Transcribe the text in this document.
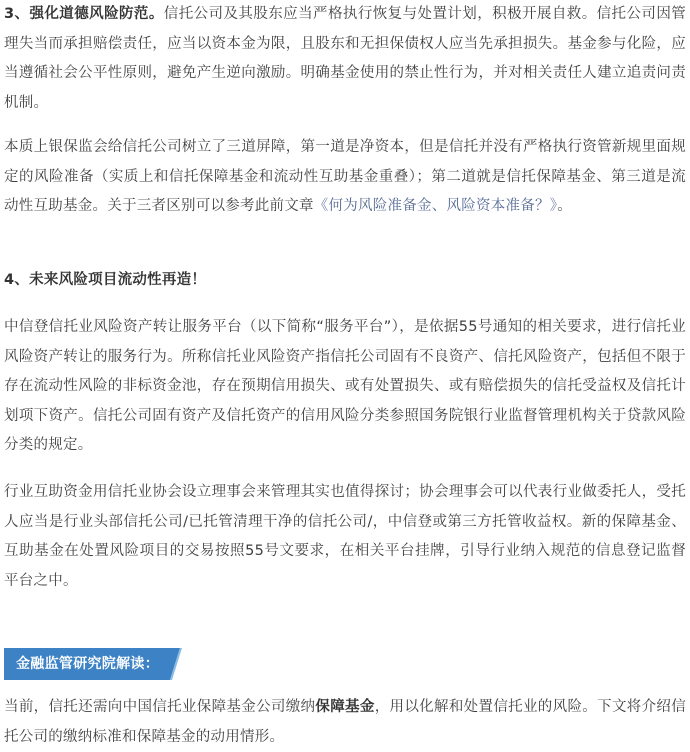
3、强化道德风险防范。信托公司及其股东应当严格执行恢复与处置计划，积极开展自救。信托公司因管理失当而承担赔偿责任，应当以资本金为限，且股东和无担保债权人应当先承担损失。基金参与化险，应当遵循社会公平性原则，避免产生逆向激励。明确基金使用的禁止性行为，并对相关责任人建立追责问责机制。

本质上银保监会给信托公司树立了三道屏障，第一道是净资本，但是信托并没有严格执行资管新规里面规定的风险准备（实质上和信托保障基金和流动性互助基金重叠）；第二道就是信托保障基金、第三道是流动性互助基金。关于三者区别可以参考此前文章《何为风险准备金、风险资本准备？》。

4、未来风险项目流动性再造！

中信登信托业风险资产转让服务平台（以下简称“服务平台”），是依据55号通知的相关要求，进行信托业风险资产转让的服务行为。所称信托业风险资产指信托公司固有不良资产、信托风险资产，包括但不限于存在流动性风险的非标资金池，存在预期信用损失、或有处置损失、或有赔偿损失的信托受益权及信托计划项下资产。信托公司固有资产及信托资产的信用风险分类参照国务院银行业监督管理机构关于贷款风险分类的规定。

行业互助资金用信托业协会设立理事会来管理其实也值得探讨；协会理事会可以代表行业做委托人，受托人应当是行业头部信托公司/已托管清理干净的信托公司/，中信登或第三方托管收益权。新的保障基金、互助基金在处置风险项目的交易按照55号文要求，在相关平台挂牌，引导行业纳入规范的信息登记监督平台之中。

金融监管研究院解读：

当前，信托还需向中国信托业保障基金公司缴纳保障基金，用以化解和处置信托业的风险。下文将介绍信托公司的缴纳标准和保障基金的动用情形。
